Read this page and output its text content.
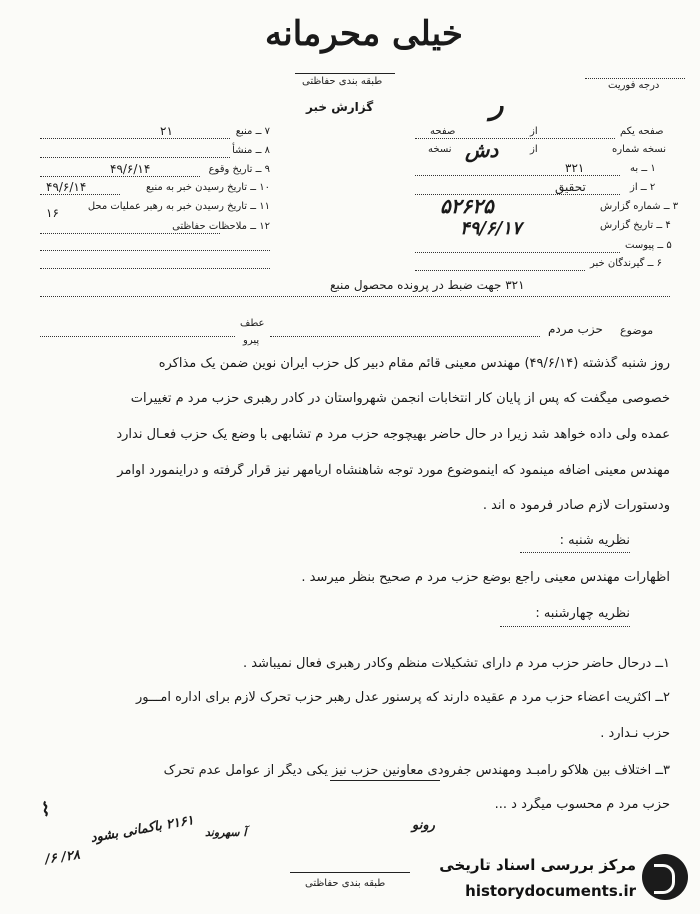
خیلی محرمانه
طبقه بندی حفاظتی
گزارش خبر
درجه فوریت
ر
۷ ــ منبع
۲۱
۸ ــ منشأ
۹ ــ تاریخ وقوع
۴۹/۶/۱۴
۱۰ ــ تاریخ رسیدن خبر به منبع
۴۹/۶/۱۴
۱۱ ــ تاریخ رسیدن خبر به رهبر عملیات محل
۱۶
۱۲ ــ ملاحظات حفاظتی
صفحه یکم
از
صفحه
نسخه شماره
از
نسخه دش
۱ ــ به
۳۲۱
۲ ــ از
تحقیق
۳ ــ شماره گزارش
۵۲۶۲۵
۴ ــ تاریخ گزارش
۴۹/۶/۱۷
۵ ــ پیوست
۶ ــ گیرندگان خبر
۳۲۱ جهت ضبط در پرونده محصول منبع
عطف
پیرو
موضوع
حزب مردم
روز شنبه گذشته (۴۹/۶/۱۴) مهندس معینی قائم مقام دبیر کل حزب ایران نوین ضمن یک مذاکره
خصوصی میگفت که پس از پایان کار انتخابات انجمن شهرواستان در کادر رهبری حزب مرد م تغییرات
عمده ولی داده خواهد شد زیرا در حال حاضر بهیچوجه حزب مرد م تشابهی با وضع یک حزب فعـال ندارد
مهندس معینی اضافه مینمود که اینموضوع مورد توجه شاهنشاه آریامهر نیز قرار گرفته و دراینمورد اوامر
ودستورات لازم صادر فرمود ه اند .
نظریه شنبه :
اظهارات مهندس معینی راجع بوضع حزب مرد م صحیح بنظر میرسد .
نظریه چهارشنبه :
۱ــ درحال حاضر حزب مرد م دارای تشکیلات منظم وکادر رهبری فعال نمیباشد .
۲ــ اکثریت اعضاء حزب مرد م عقیده دارند که پرسنور عدل رهبر حزب تحرک لازم برای اداره امـــور
حزب نـدارد .
۳ــ اختلاف بین هلاکو رامبـد ومهندس جفرودی معاونین حزب نیز یکی دیگر از عوامل عدم تحرک
حزب مرد م محسوب میگرد د ...
⌇
۲۱۶۱ باکمانی بشود
۲۸/ ۶/
آ سهروند	رونو
طبقه بندی حفاظتی
مرکز بررسی اسناد تاریخی
historydocuments.ir
